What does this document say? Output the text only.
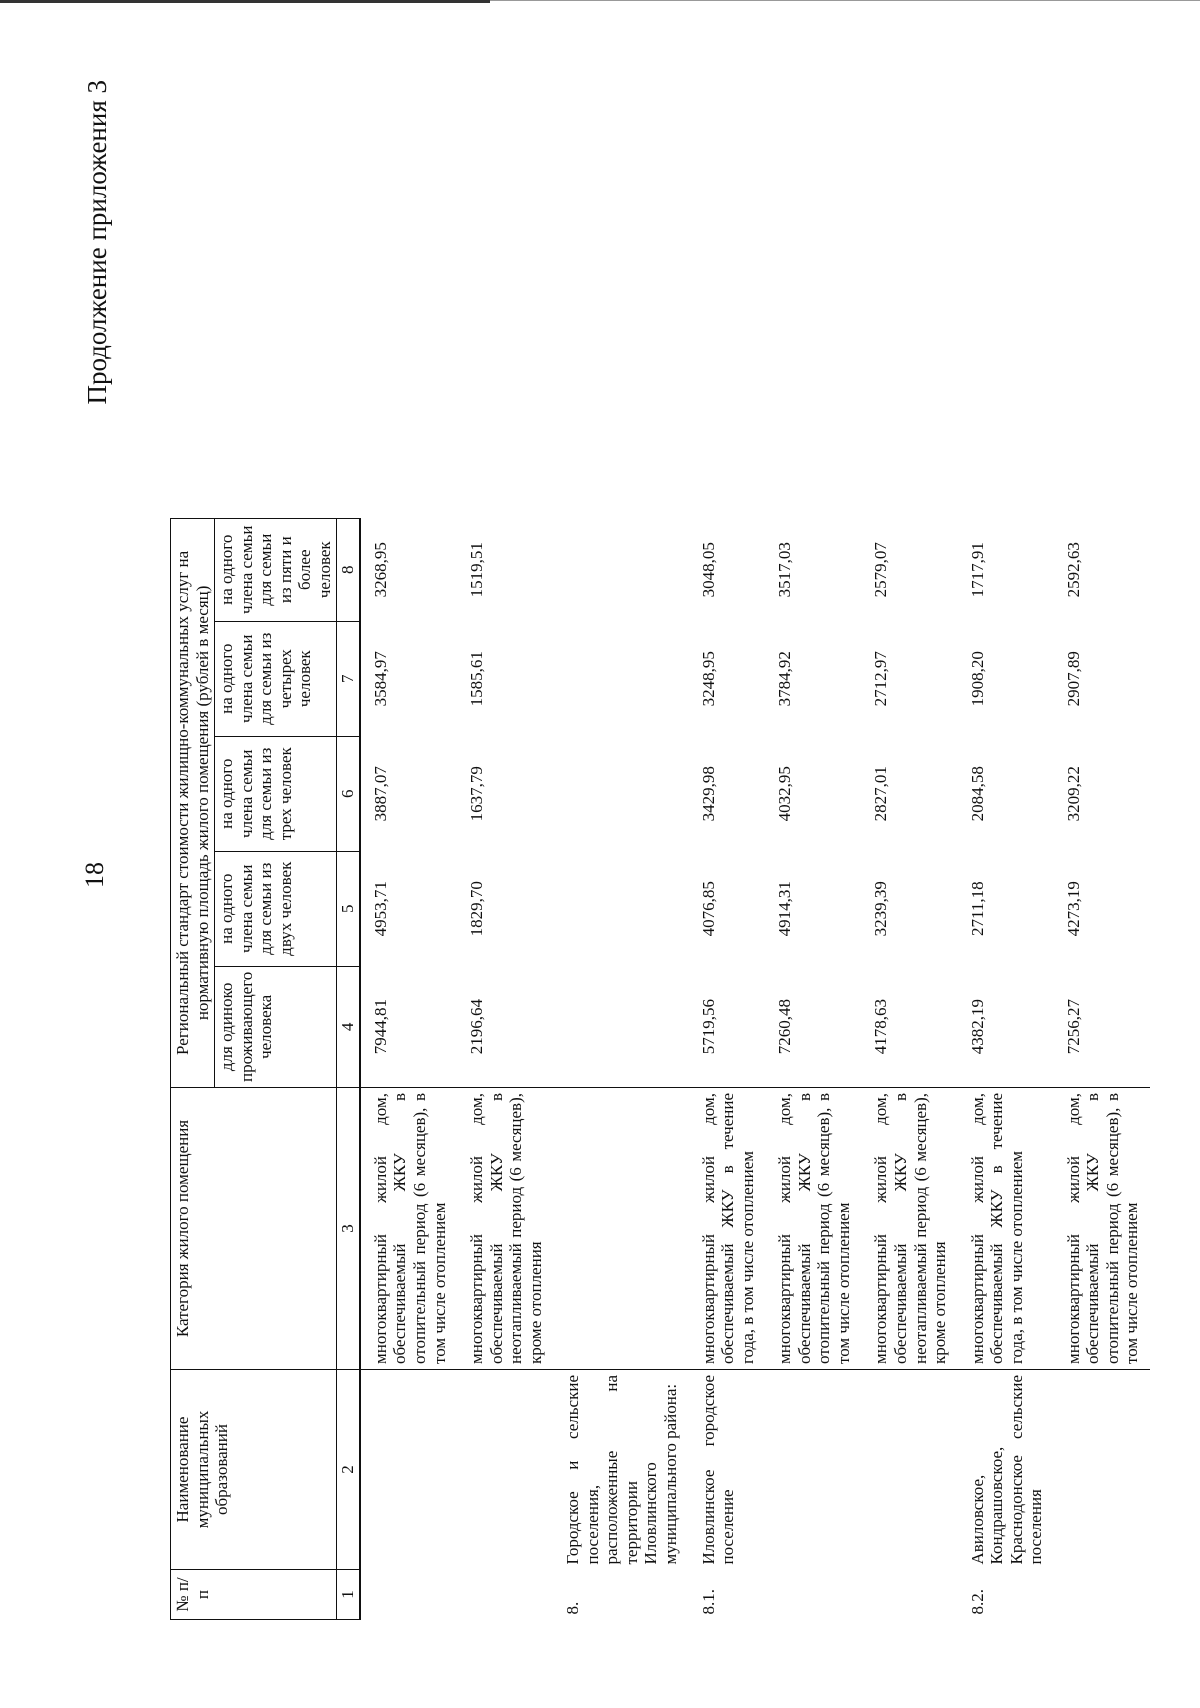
18
Продолжение приложения 3
№ п/п	Наименование муниципальных образований	Категория жилого помещения	Региональный стандарт стоимости жилищно-коммунальных услуг на нормативную площадь жилого помещения (рублей в месяц)				
			для одиноко проживающего человека	на одного члена семьи для семьи из двух человек	на одного члена семьи для семьи из трех человек	на одного члена семьи для семьи из четырех человек	на одного члена семьи для семьи из пяти и более человек
1	2	3	4	5	6	7	8
		многоквартирный жилой дом, обеспечиваемый ЖКУ в отопительный период (6 месяцев), в том числе отоплением	7944,81	4953,71	3887,07	3584,97	3268,95
		многоквартирный жилой дом, обеспечиваемый ЖКУ в неотапливаемый период (6 месяцев), кроме отопления	2196,64	1829,70	1637,79	1585,61	1519,51
8.	Городское и сельские поселения, расположенные на территории Иловлинского муниципального района:						
8.1.	Иловлинское городское поселение	многоквартирный жилой дом, обеспечиваемый ЖКУ в течение года, в том числе отоплением	5719,56	4076,85	3429,98	3248,95	3048,05
		многоквартирный жилой дом, обеспечиваемый ЖКУ в отопительный период (6 месяцев), в том числе отоплением	7260,48	4914,31	4032,95	3784,92	3517,03
		многоквартирный жилой дом, обеспечиваемый ЖКУ в неотапливаемый период (6 месяцев), кроме отопления	4178,63	3239,39	2827,01	2712,97	2579,07
8.2.	Авиловское, Кондрашовское, Краснодонское сельские поселения	многоквартирный жилой дом, обеспечиваемый ЖКУ в течение года, в том числе отоплением	4382,19	2711,18	2084,58	1908,20	1717,91
		многоквартирный жилой дом, обеспечиваемый ЖКУ в отопительный период (6 месяцев), в том числе отоплением	7256,27	4273,19	3209,22	2907,89	2592,63
